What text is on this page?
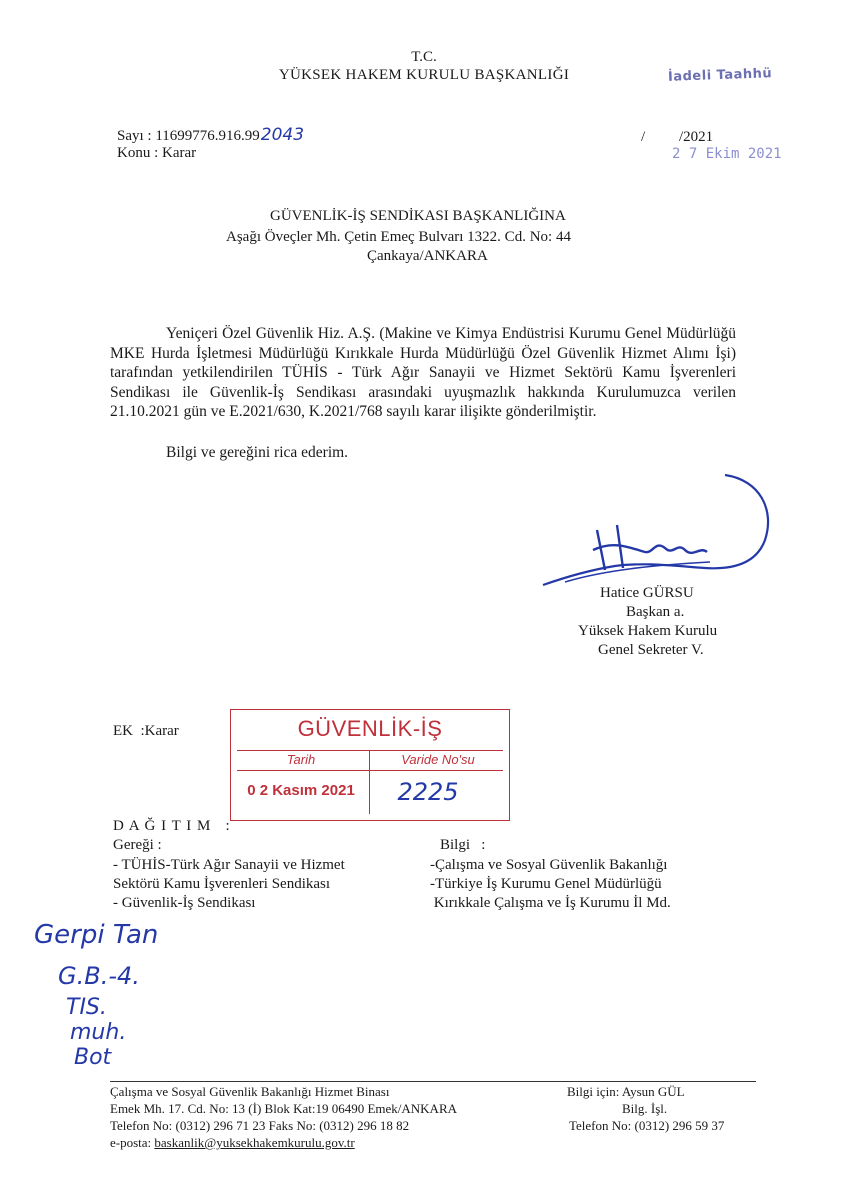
T.C.
YÜKSEK HAKEM KURULU BAŞKANLIĞI	İadeli Taahhü
2 7 Ekim 2021
Sayı : 11699776.916.992043
Konu : Karar
/ /2021
GÜVENLİK-İŞ SENDİKASI BAŞKANLIĞINA
Aşağı Öveçler Mh. Çetin Emeç Bulvarı 1322. Cd. No: 44
Çankaya/ANKARA
Yeniçeri Özel Güvenlik Hiz. A.Ş. (Makine ve Kimya Endüstrisi Kurumu Genel Müdürlüğü MKE Hurda İşletmesi Müdürlüğü Kırıkkale Hurda Müdürlüğü Özel Güvenlik Hizmet Alımı İşi) tarafından yetkilendirilen TÜHİS - Türk Ağır Sanayii ve Hizmet Sektörü Kamu İşverenleri Sendikası ile Güvenlik-İş Sendikası arasındaki uyuşmazlık hakkında Kurulumuzca verilen 21.10.2021 gün ve E.2021/630, K.2021/768 sayılı karar ilişikte gönderilmiştir.
Bilgi ve gereğini rica ederim.
Hatice GÜRSU
Başkan a.
Yüksek Hakem Kurulu
Genel Sekreter V.
EK  :Karar	GÜVENLİK-İŞ
Tarih	Varide No'su
0 2 Kasım 2021	2225
D A Ğ I T I M   :
Gereği :
- TÜHİS-Türk Ağır Sanayii ve Hizmet
Sektörü Kamu İşverenleri Sendikası
- Güvenlik-İş Sendikası
Bilgi   :
-Çalışma ve Sosyal Güvenlik Bakanlığı
-Türkiye İş Kurumu Genel Müdürlüğü
Kırıkkale Çalışma ve İş Kurumu İl Md.
Gerpi Tan
G.B.-4.
TIS.
muh.
Bot
Çalışma ve Sosyal Güvenlik Bakanlığı Hizmet Binası
Emek Mh. 17. Cd. No: 13 (İ) Blok Kat:19 06490 Emek/ANKARA
Telefon No: (0312) 296 71 23 Faks No: (0312) 296 18 82
e-posta: baskanlik@yuksekhakemkurulu.gov.tr
Bilgi için: Aysun GÜL
Bilg. İşl.
Telefon No: (0312) 296 59 37
